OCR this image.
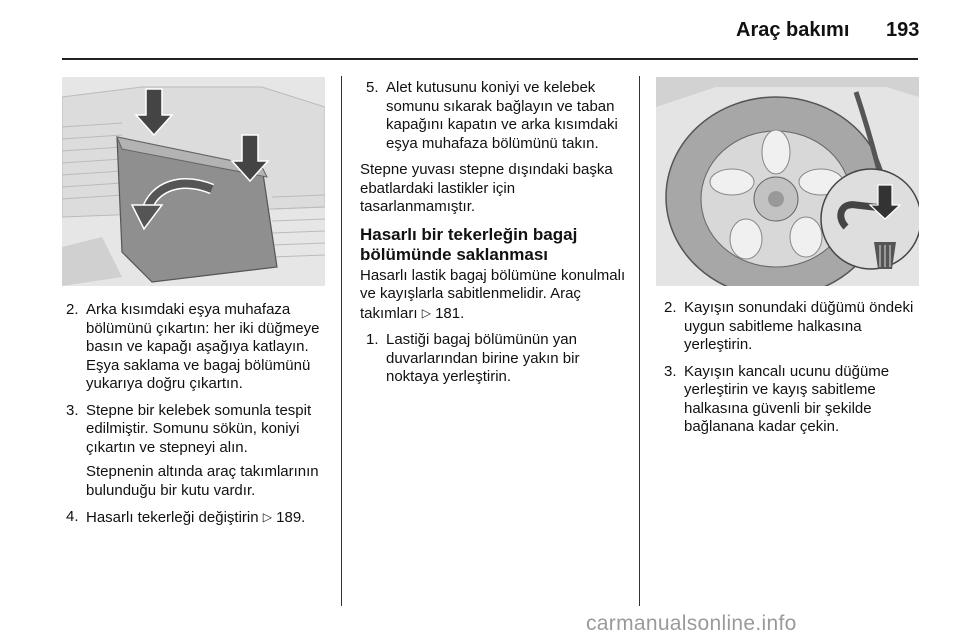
Araç bakımı 193
2. Arka kısımdaki eşya muhafaza bölümünü çıkartın: her iki düğmeye basın ve kapağı aşağıya katlayın. Eşya saklama ve bagaj bölümünü yukarıya doğru çıkartın.
3. Stepne bir kelebek somunla tespit edilmiştir. Somunu sökün, koniyi çıkartın ve stepneyi alın.

Stepnenin altında araç takımlarının bulunduğu bir kutu vardır.

4. Hasarlı tekerleği değiştirin ▷ 189.
5. Alet kutusunu koniyi ve kelebek somunu sıkarak bağlayın ve taban kapağını kapatın ve arka kısımdaki eşya muhafaza bölümünü takın.

Stepne yuvası stepne dışındaki başka ebatlardaki lastikler için tasarlanmamıştır.

Hasarlı bir tekerleğin bagaj bölümünde saklanması

Hasarlı lastik bagaj bölümüne konulmalı ve kayışlarla sabitlenmelidir. Araç takımları ▷ 181.

1. Lastiği bagaj bölümünün yan duvarlarından birine yakın bir noktaya yerleştirin.
2. Kayışın sonundaki düğümü öndeki uygun sabitleme halkasına yerleştirin.
3. Kayışın kancalı ucunu düğüme yerleştirin ve kayış sabitleme halkasına güvenli bir şekilde bağlanana kadar çekin.
carmanualsonline.info
